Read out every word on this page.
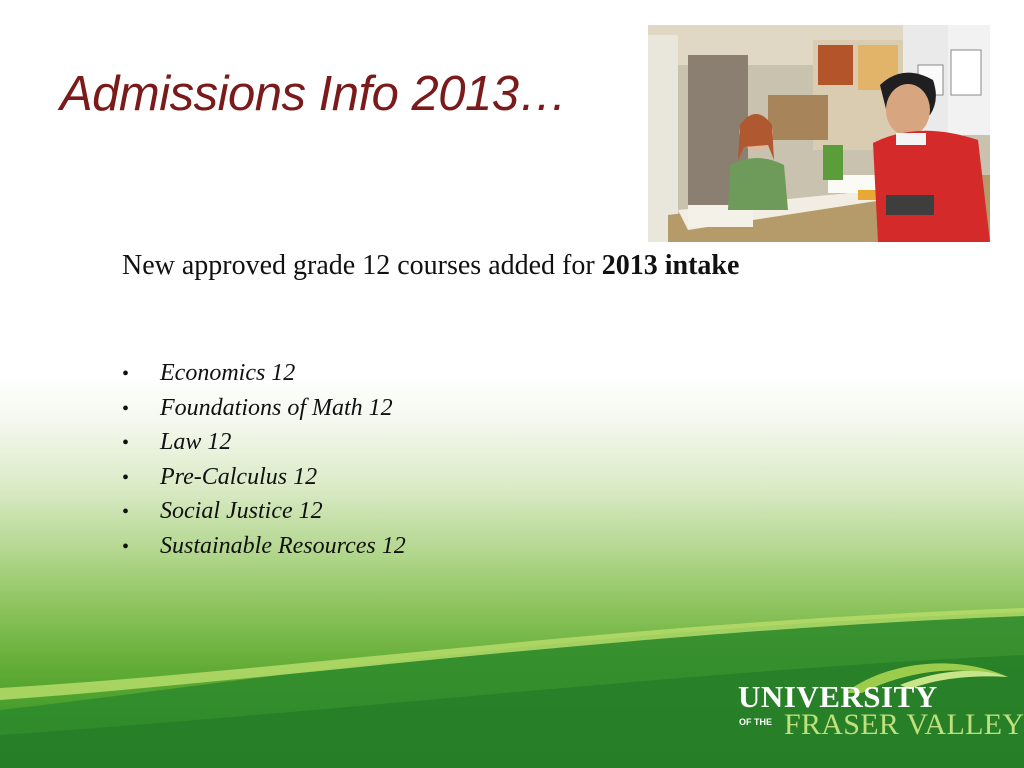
Admissions Info 2013…

New approved grade 12 courses added for 2013 intake

•	Economics 12
•	Foundations of Math 12
•	Law 12
•	Pre-Calculus 12
•	Social Justice 12
•	Sustainable Resources 12
UNIVERSITY
OF THE FRASER VALLEY
